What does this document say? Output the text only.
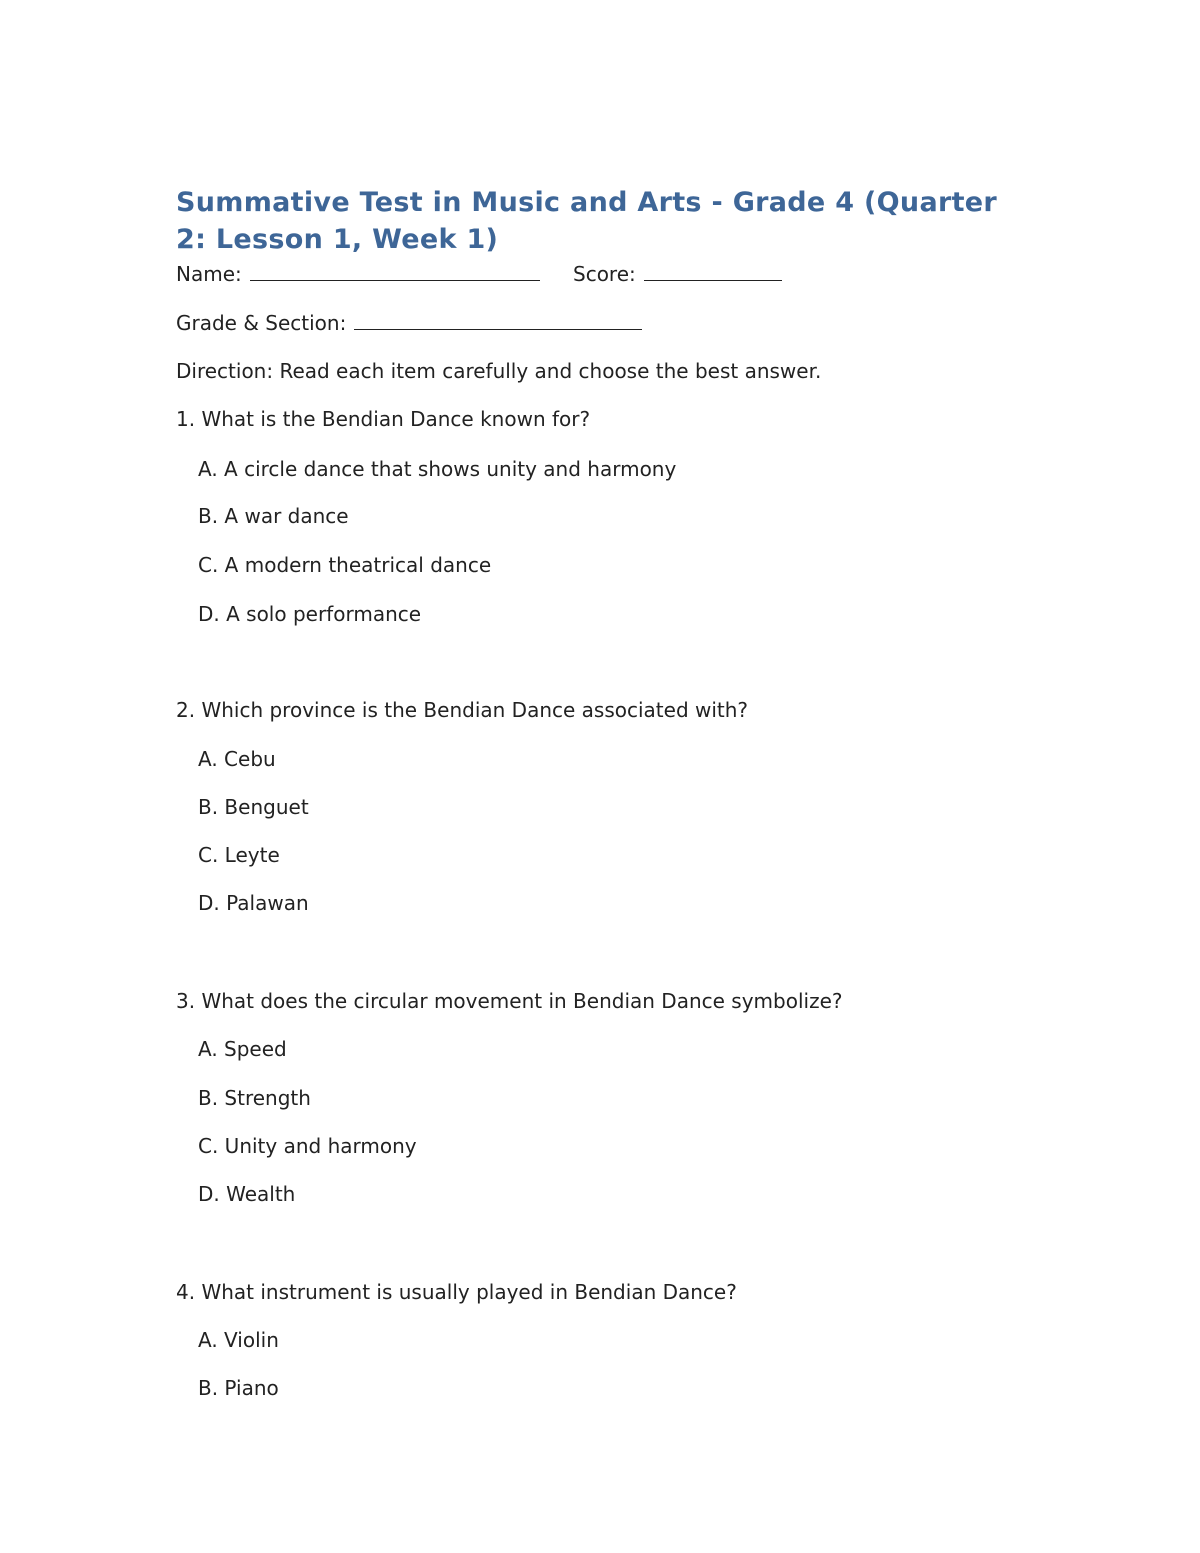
Summative Test in Music and Arts - Grade 4 (Quarter 2: Lesson 1, Week 1)
Name:	Score:
Grade & Section:
Direction: Read each item carefully and choose the best answer.
1. What is the Bendian Dance known for?
A. A circle dance that shows unity and harmony
B. A war dance
C. A modern theatrical dance
D. A solo performance
2. Which province is the Bendian Dance associated with?
A. Cebu
B. Benguet
C. Leyte
D. Palawan
3. What does the circular movement in Bendian Dance symbolize?
A. Speed
B. Strength
C. Unity and harmony
D. Wealth
4. What instrument is usually played in Bendian Dance?
A. Violin
B. Piano
